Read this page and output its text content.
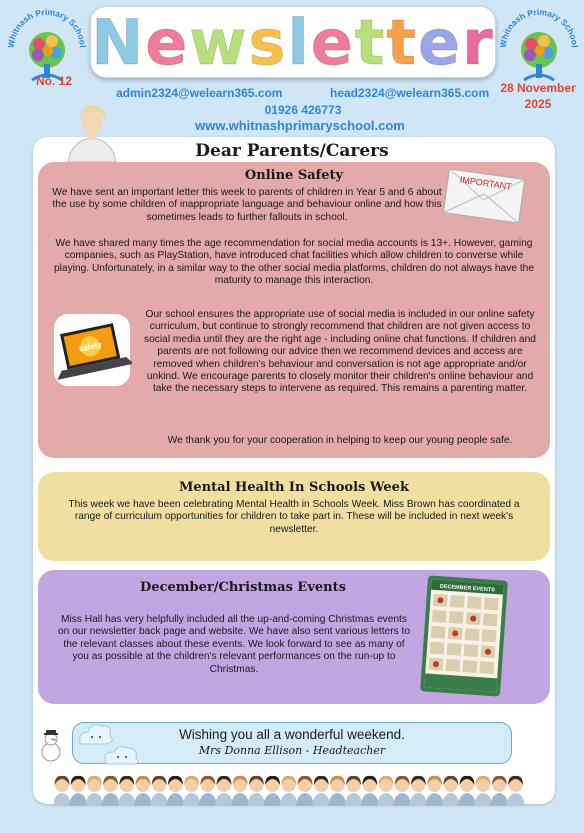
Whitnash Primary School	Whitnash Primary School
No. 12	28 November 2025
Newsletter
admin2324@welearn365.com	head2324@welearn365.com
01926 426773
www.whitnashprimaryschool.com
Dear Parents/Carers
Online Safety

We have sent an important letter this week to parents of children in Year 5 and 6 about the use by some children of inappropriate language and behaviour online and how this sometimes leads to further fallouts in school.

IMPORTANT

We have shared many times the age recommendation for social media accounts is 13+. However, gaming companies, such as PlayStation, have introduced chat facilities which allow children to converse while playing. Unfortunately, in a similar way to the other social media platforms, children do not always have the maturity to manage this interaction.

safety

Our school ensures the appropriate use of social media is included in our online safety curriculum, but continue to strongly recommend that children are not given access to social media until they are the right age - including online chat functions. If children and parents are not following our advice then we recommend devices and access are removed when children's behaviour and conversation is not age appropriate and/or unkind. We encourage parents to closely monitor their children's online behaviour and take the necessary steps to intervene as required. This remains a parenting matter.

We thank you for your cooperation in helping to keep our young people safe.

Mental Health In Schools Week

This week we have been celebrating Mental Health in Schools Week. Miss Brown has coordinated a range of curriculum opportunities for children to take part in. These will be included in next week's newsletter.

December/Christmas Events

Miss Hall has very helpfully included all the up-and-coming Christmas events on our newsletter back page and website. We have also sent various letters to the relevant classes about these events. We look forward to see as many of you as possible at the children's relevant performances on the run-up to Christmas.

DECEMBER EVENTS
Wishing you all a wonderful weekend.
Mrs Donna Ellison - Headteacher
